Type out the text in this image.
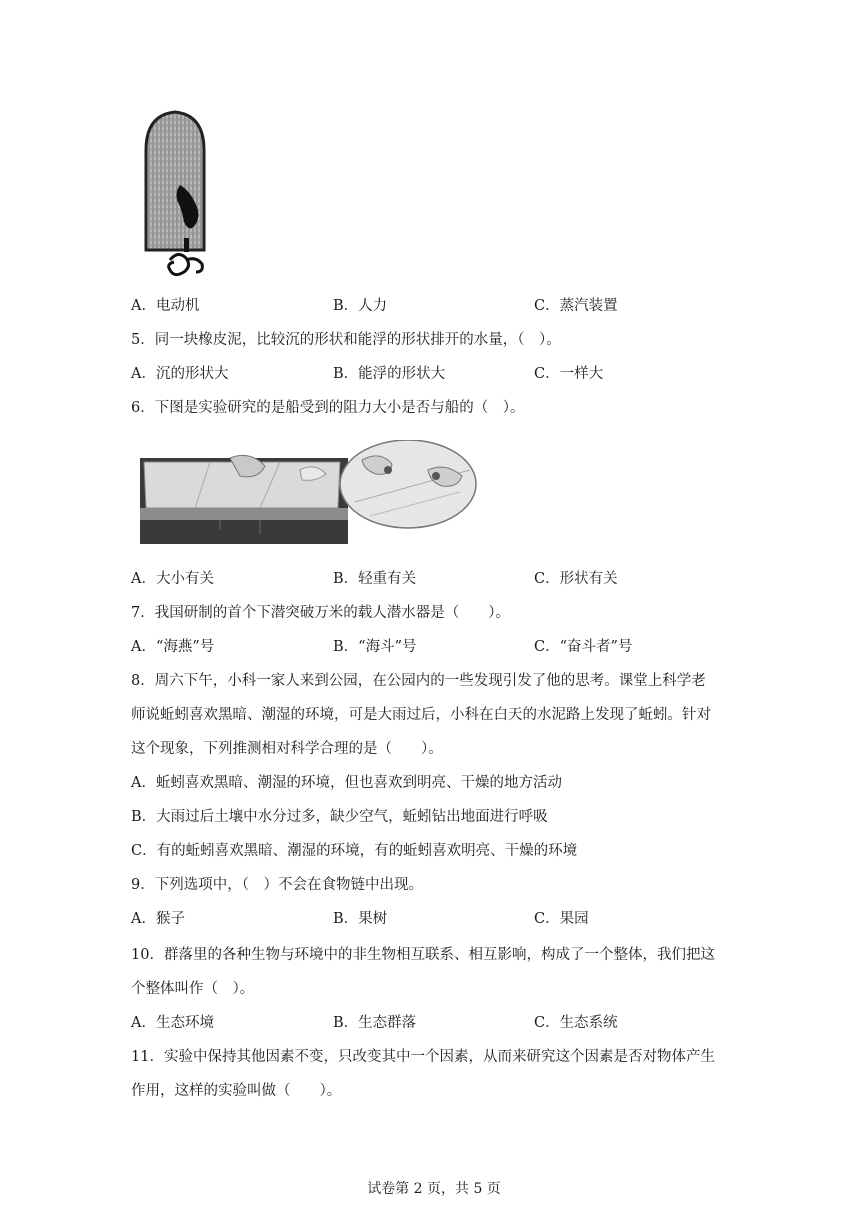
A．电动机	B．人力	C．蒸汽装置
5．同一块橡皮泥，比较沉的形状和能浮的形状排开的水量，（　）。
A．沉的形状大	B．能浮的形状大	C．一样大
6．下图是实验研究的是船受到的阻力大小是否与船的（　）。
A．大小有关	B．轻重有关	C．形状有关
7．我国研制的首个下潜突破万米的载人潜水器是（　　）。
A．“海燕”号	B．“海斗”号	C．“奋斗者”号
8．周六下午，小科一家人来到公园，在公园内的一些发现引发了他的思考。课堂上科学老
师说蚯蚓喜欢黑暗、潮湿的环境，可是大雨过后，小科在白天的水泥路上发现了蚯蚓。针对
这个现象，下列推测相对科学合理的是（　　）。
A．蚯蚓喜欢黑暗、潮湿的环境，但也喜欢到明亮、干燥的地方活动
B．大雨过后土壤中水分过多，缺少空气，蚯蚓钻出地面进行呼吸
C．有的蚯蚓喜欢黑暗、潮湿的环境，有的蚯蚓喜欢明亮、干燥的环境
9．下列选项中，（　）不会在食物链中出现。
A．猴子	B．果树	C．果园
10．群落里的各种生物与环境中的非生物相互联系、相互影响，构成了一个整体，我们把这
个整体叫作（　）。
A．生态环境	B．生态群落	C．生态系统
11．实验中保持其他因素不变，只改变其中一个因素，从而来研究这个因素是否对物体产生
作用，这样的实验叫做（　　）。
试卷第 2 页，共 5 页
